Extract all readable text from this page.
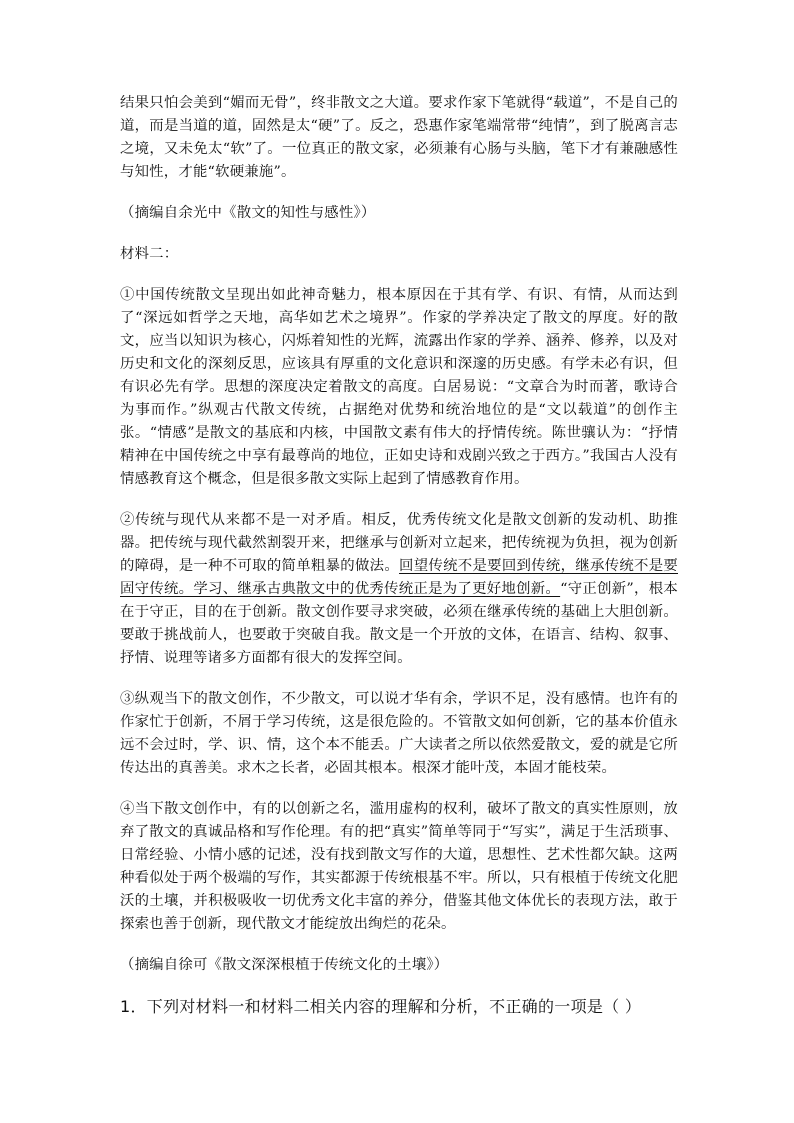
结果只怕会美到“媚而无骨”，终非散文之大道。要求作家下笔就得“载道”，不是自己的道，而是当道的道，固然是太“硬”了。反之，恐惠作家笔端常带“纯情”，到了脱离言志之境，又未免太“软”了。一位真正的散文家，必须兼有心肠与头脑，笔下才有兼融感性与知性，才能“软硬兼施”。

（摘编自余光中《散文的知性与感性》）

材料二：

①中国传统散文呈现出如此神奇魅力，根本原因在于其有学、有识、有情，从而达到了“深远如哲学之天地，高华如艺术之境界”。作家的学养决定了散文的厚度。好的散文，应当以知识为核心，闪烁着知性的光辉，流露出作家的学养、涵养、修养，以及对历史和文化的深刻反思，应该具有厚重的文化意识和深邃的历史感。有学未必有识，但有识必先有学。思想的深度决定着散文的高度。白居易说：“文章合为时而著，歌诗合为事而作。”纵观古代散文传统，占据绝对优势和统治地位的是“文以载道”的创作主张。“情感”是散文的基底和内核，中国散文素有伟大的抒情传统。陈世骧认为：“抒情精神在中国传统之中享有最尊尚的地位，正如史诗和戏剧兴致之于西方。”我国古人没有情感教育这个概念，但是很多散文实际上起到了情感教育作用。

②传统与现代从来都不是一对矛盾。相反，优秀传统文化是散文创新的发动机、助推器。把传统与现代截然割裂开来，把继承与创新对立起来，把传统视为负担，视为创新的障碍，是一种不可取的简单粗暴的做法。回望传统不是要回到传统，继承传统不是要固守传统。学习、继承古典散文中的优秀传统正是为了更好地创新。“守正创新”，根本在于守正，目的在于创新。散文创作要寻求突破，必须在继承传统的基础上大胆创新。要敢于挑战前人，也要敢于突破自我。散文是一个开放的文体，在语言、结构、叙事、抒情、说理等诸多方面都有很大的发挥空间。

③纵观当下的散文创作，不少散文，可以说才华有余，学识不足，没有感情。也许有的作家忙于创新，不屑于学习传统，这是很危险的。不管散文如何创新，它的基本价值永远不会过时，学、识、情，这个本不能丢。广大读者之所以依然爱散文，爱的就是它所传达出的真善美。求木之长者，必固其根本。根深才能叶茂，本固才能枝荣。

④当下散文创作中，有的以创新之名，滥用虚构的权利，破坏了散文的真实性原则，放弃了散文的真诚品格和写作伦理。有的把“真实”简单等同于“写实”，满足于生活琐事、日常经验、小情小感的记述，没有找到散文写作的大道，思想性、艺术性都欠缺。这两种看似处于两个极端的写作，其实都源于传统根基不牢。所以，只有根植于传统文化肥沃的土壤，并积极吸收一切优秀文化丰富的养分，借鉴其他文体优长的表现方法，敢于探索也善于创新，现代散文才能绽放出绚烂的花朵。

（摘编自徐可《散文深深根植于传统文化的土壤》）

1．下列对材料一和材料二相关内容的理解和分析，不正确的一项是（ ）
